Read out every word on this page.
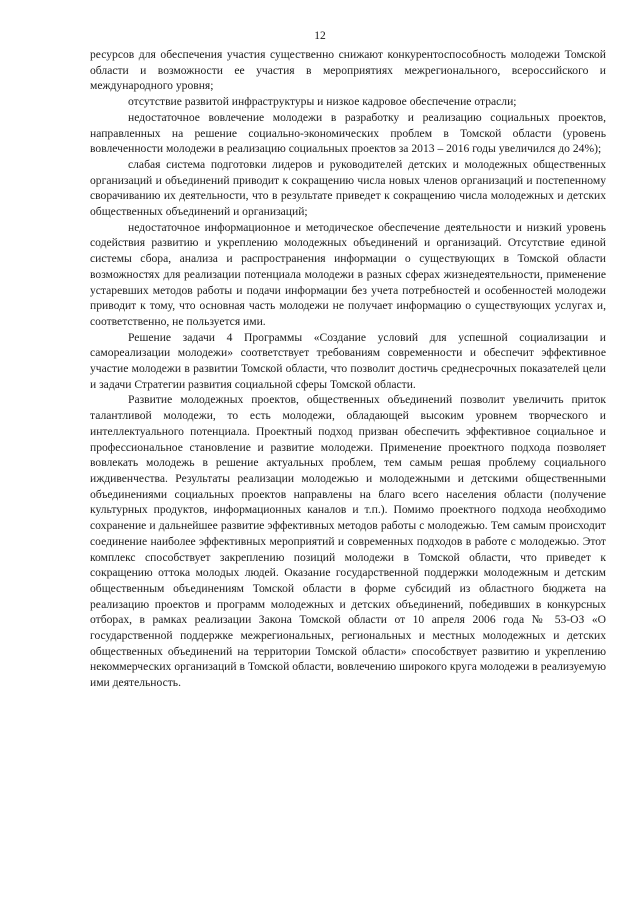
12

ресурсов для обеспечения участия существенно снижают конкурентоспособность молодежи Томской области и возможности ее участия в мероприятиях межрегионального, всероссийского и международного уровня;

отсутствие развитой инфраструктуры и низкое кадровое обеспечение отрасли;

недостаточное вовлечение молодежи в разработку и реализацию социальных проектов, направленных на решение социально-экономических проблем в Томской области (уровень вовлеченности молодежи в реализацию социальных проектов за 2013 – 2016 годы увеличился до 24%);

слабая система подготовки лидеров и руководителей детских и молодежных общественных организаций и объединений приводит к сокращению числа новых членов организаций и постепенному сворачиванию их деятельности, что в результате приведет к сокращению числа молодежных и детских общественных объединений и организаций;

недостаточное информационное и методическое обеспечение деятельности и низкий уровень содействия развитию и укреплению молодежных объединений и организаций. Отсутствие единой системы сбора, анализа и распространения информации о существующих в Томской области возможностях для реализации потенциала молодежи в разных сферах жизнедеятельности, применение устаревших методов работы и подачи информации без учета потребностей и особенностей молодежи приводит к тому, что основная часть молодежи не получает информацию о существующих услугах и, соответственно, не пользуется ими.

Решение задачи 4 Программы «Создание условий для успешной социализации и самореализации молодежи» соответствует требованиям современности и обеспечит эффективное участие молодежи в развитии Томской области, что позволит достичь среднесрочных показателей цели и задачи Стратегии развития социальной сферы Томской области.

Развитие молодежных проектов, общественных объединений позволит увеличить приток талантливой молодежи, то есть молодежи, обладающей высоким уровнем творческого и интеллектуального потенциала. Проектный подход призван обеспечить эффективное социальное и профессиональное становление и развитие молодежи. Применение проектного подхода позволяет вовлекать молодежь в решение актуальных проблем, тем самым решая проблему социального иждивенчества. Результаты реализации молодежью и молодежными и детскими общественными объединениями социальных проектов направлены на благо всего населения области (получение культурных продуктов, информационных каналов и т.п.). Помимо проектного подхода необходимо сохранение и дальнейшее развитие эффективных методов работы с молодежью. Тем самым происходит соединение наиболее эффективных мероприятий и современных подходов в работе с молодежью. Этот комплекс способствует закреплению позиций молодежи в Томской области, что приведет к сокращению оттока молодых людей. Оказание государственной поддержки молодежным и детским общественным объединениям Томской области в форме субсидий из областного бюджета на реализацию проектов и программ молодежных и детских объединений, победивших в конкурсных отборах, в рамках реализации Закона Томской области от 10 апреля 2006 года № 53-ОЗ «О государственной поддержке межрегиональных, региональных и местных молодежных и детских общественных объединений на территории Томской области» способствует развитию и укреплению некоммерческих организаций в Томской области, вовлечению широкого круга молодежи в реализуемую ими деятельность.
